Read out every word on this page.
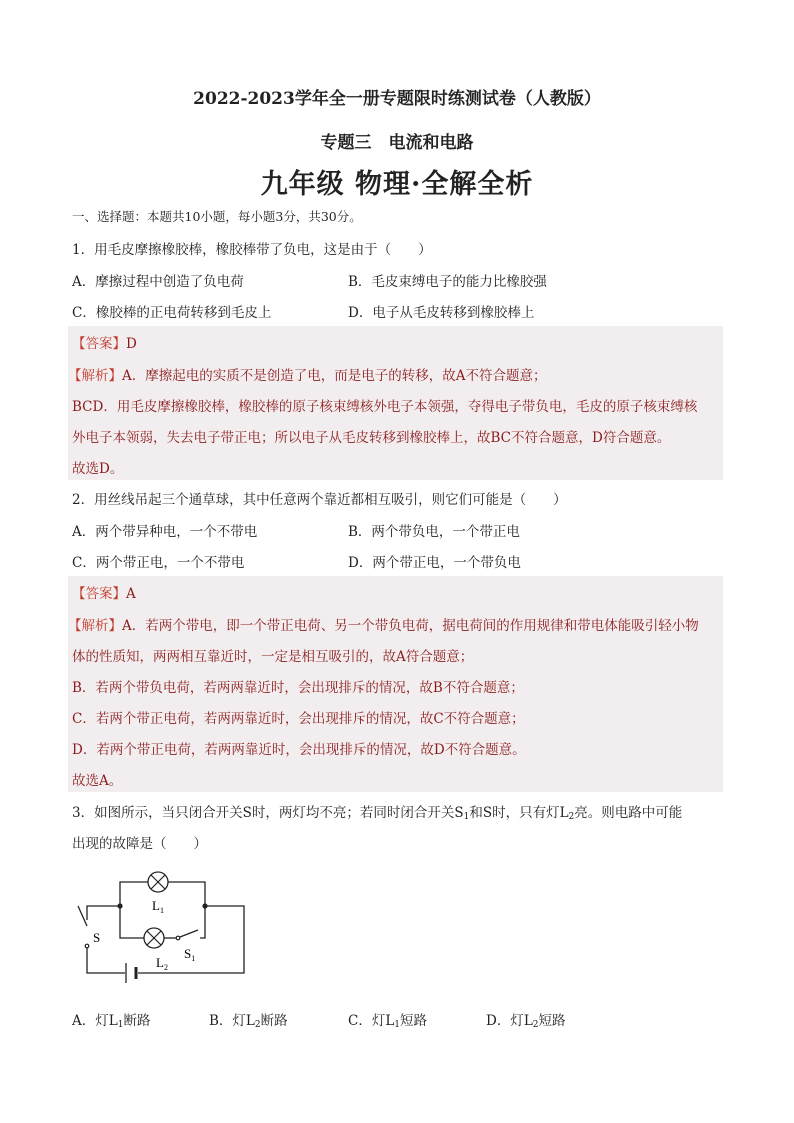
2022-2023学年全一册专题限时练测试卷（人教版）
专题三　电流和电路
九年级 物理·全解全析
一、选择题：本题共10小题，每小题3分，共30分。
1．用毛皮摩擦橡胶棒，橡胶棒带了负电，这是由于（　　）
A．摩擦过程中创造了负电荷	B．毛皮束缚电子的能力比橡胶强
C．橡胶棒的正电荷转移到毛皮上	D．电子从毛皮转移到橡胶棒上
【答案】D
【解析】A．摩擦起电的实质不是创造了电，而是电子的转移，故A不符合题意；
BCD．用毛皮摩擦橡胶棒，橡胶棒的原子核束缚核外电子本领强，夺得电子带负电，毛皮的原子核束缚核
外电子本领弱，失去电子带正电；所以电子从毛皮转移到橡胶棒上，故BC不符合题意，D符合题意。
故选D。
2．用丝线吊起三个通草球，其中任意两个靠近都相互吸引，则它们可能是（　　）
A．两个带异种电，一个不带电	B．两个带负电，一个带正电
C．两个带正电，一个不带电	D．两个带正电，一个带负电
【答案】A
【解析】A．若两个带电，即一个带正电荷、另一个带负电荷，据电荷间的作用规律和带电体能吸引轻小物
体的性质知，两两相互靠近时，一定是相互吸引的，故A符合题意；
B．若两个带负电荷，若两两靠近时，会出现排斥的情况，故B不符合题意；
C．若两个带正电荷，若两两靠近时，会出现排斥的情况，故C不符合题意；
D．若两个带正电荷，若两两靠近时，会出现排斥的情况，故D不符合题意。
故选A。
3．如图所示，当只闭合开关S时，两灯均不亮；若同时闭合开关$S_1$和S时，只有灯$L_2$亮。则电路中可能
出现的故障是（　　）
$L_1$
$L_2$
S
$S_1$
A．灯$L_1$断路	B．灯$L_2$断路	C．灯$L_1$短路	D．灯$L_2$短路
